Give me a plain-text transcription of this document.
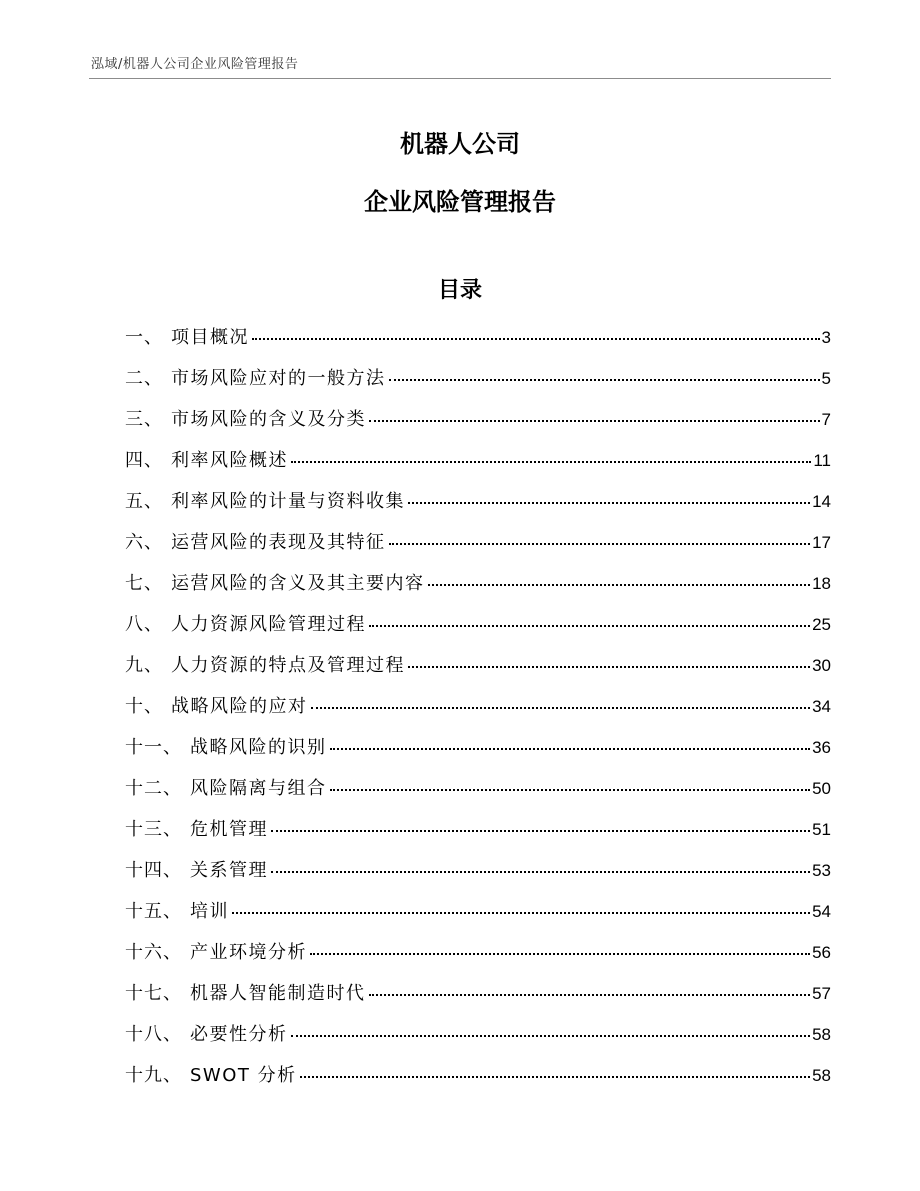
泓域/机器人公司企业风险管理报告
机器人公司
企业风险管理报告
目录
一、 项目概况	3
二、 市场风险应对的一般方法	5
三、 市场风险的含义及分类	7
四、 利率风险概述	11
五、 利率风险的计量与资料收集	14
六、 运营风险的表现及其特征	17
七、 运营风险的含义及其主要内容	18
八、 人力资源风险管理过程	25
九、 人力资源的特点及管理过程	30
十、 战略风险的应对	34
十一、 战略风险的识别	36
十二、 风险隔离与组合	50
十三、 危机管理	51
十四、 关系管理	53
十五、 培训	54
十六、 产业环境分析	56
十七、 机器人智能制造时代	57
十八、 必要性分析	58
十九、 SWOT 分析	58
